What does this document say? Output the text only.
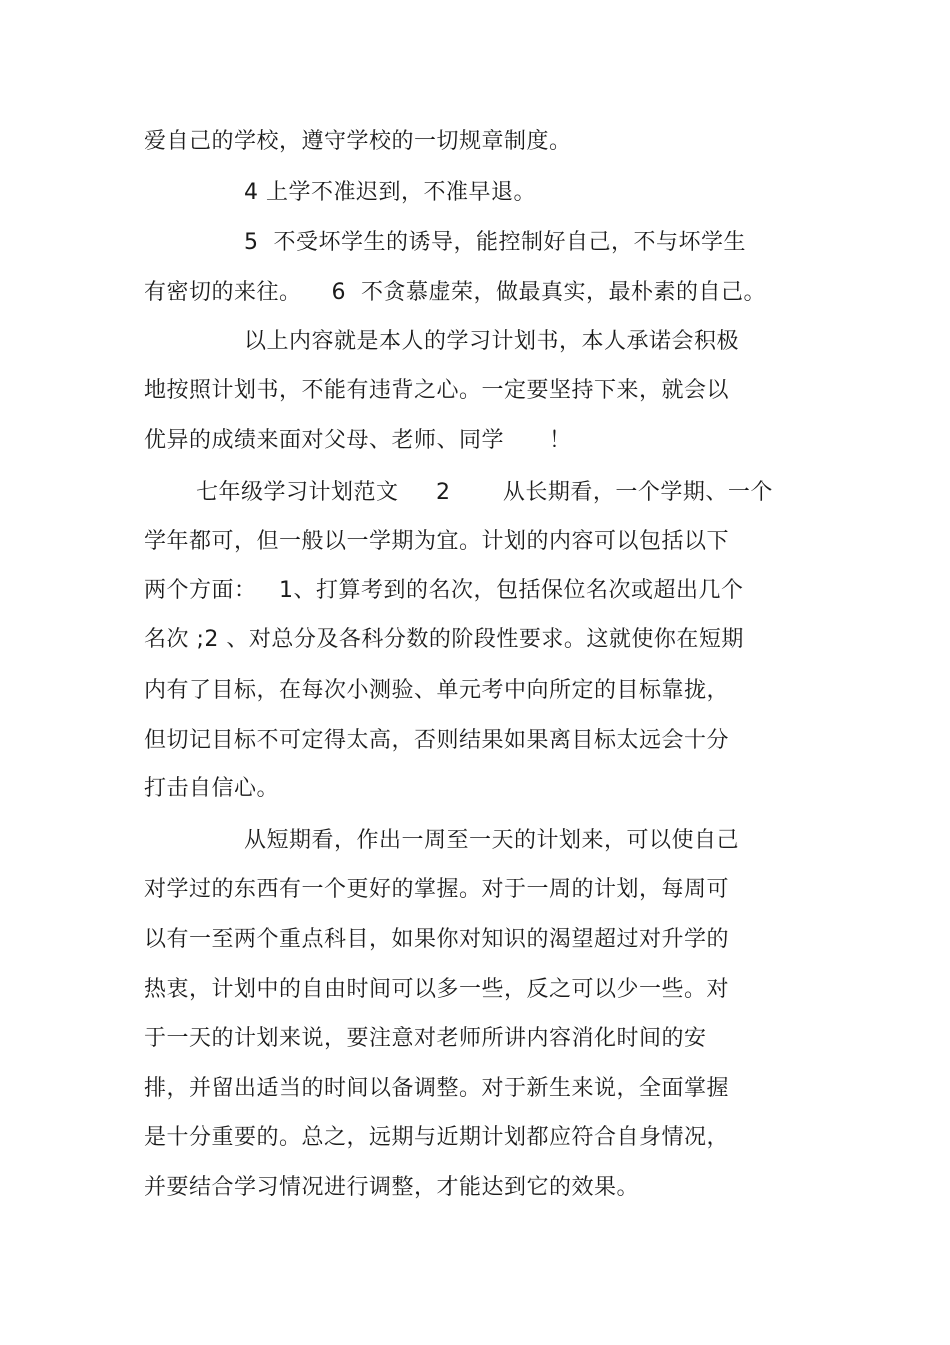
爱自己的学校，遵守学校的一切规章制度。

4 上学不准迟到，不准早退。

5  不受坏学生的诱导，能控制好自己，不与坏学生

有密切的来往。    6  不贪慕虚荣，做最真实，最朴素的自己。

以上内容就是本人的学习计划书，本人承诺会积极

地按照计划书，不能有违背之心。一定要坚持下来，就会以

优异的成绩来面对父母、老师、同学      ！

七年级学习计划范文     2       从长期看，一个学期、一个

学年都可，但一般以一学期为宜。计划的内容可以包括以下

两个方面：   1、打算考到的名次，包括保位名次或超出几个

名次 ;2 、对总分及各科分数的阶段性要求。这就使你在短期

内有了目标，在每次小测验、单元考中向所定的目标靠拢，

但切记目标不可定得太高，否则结果如果离目标太远会十分

打击自信心。

从短期看，作出一周至一天的计划来，可以使自己

对学过的东西有一个更好的掌握。对于一周的计划，每周可

以有一至两个重点科目，如果你对知识的渴望超过对升学的

热衷，计划中的自由时间可以多一些，反之可以少一些。对

于一天的计划来说，要注意对老师所讲内容消化时间的安

排，并留出适当的时间以备调整。对于新生来说，全面掌握

是十分重要的。总之，远期与近期计划都应符合自身情况，

并要结合学习情况进行调整，才能达到它的效果。
